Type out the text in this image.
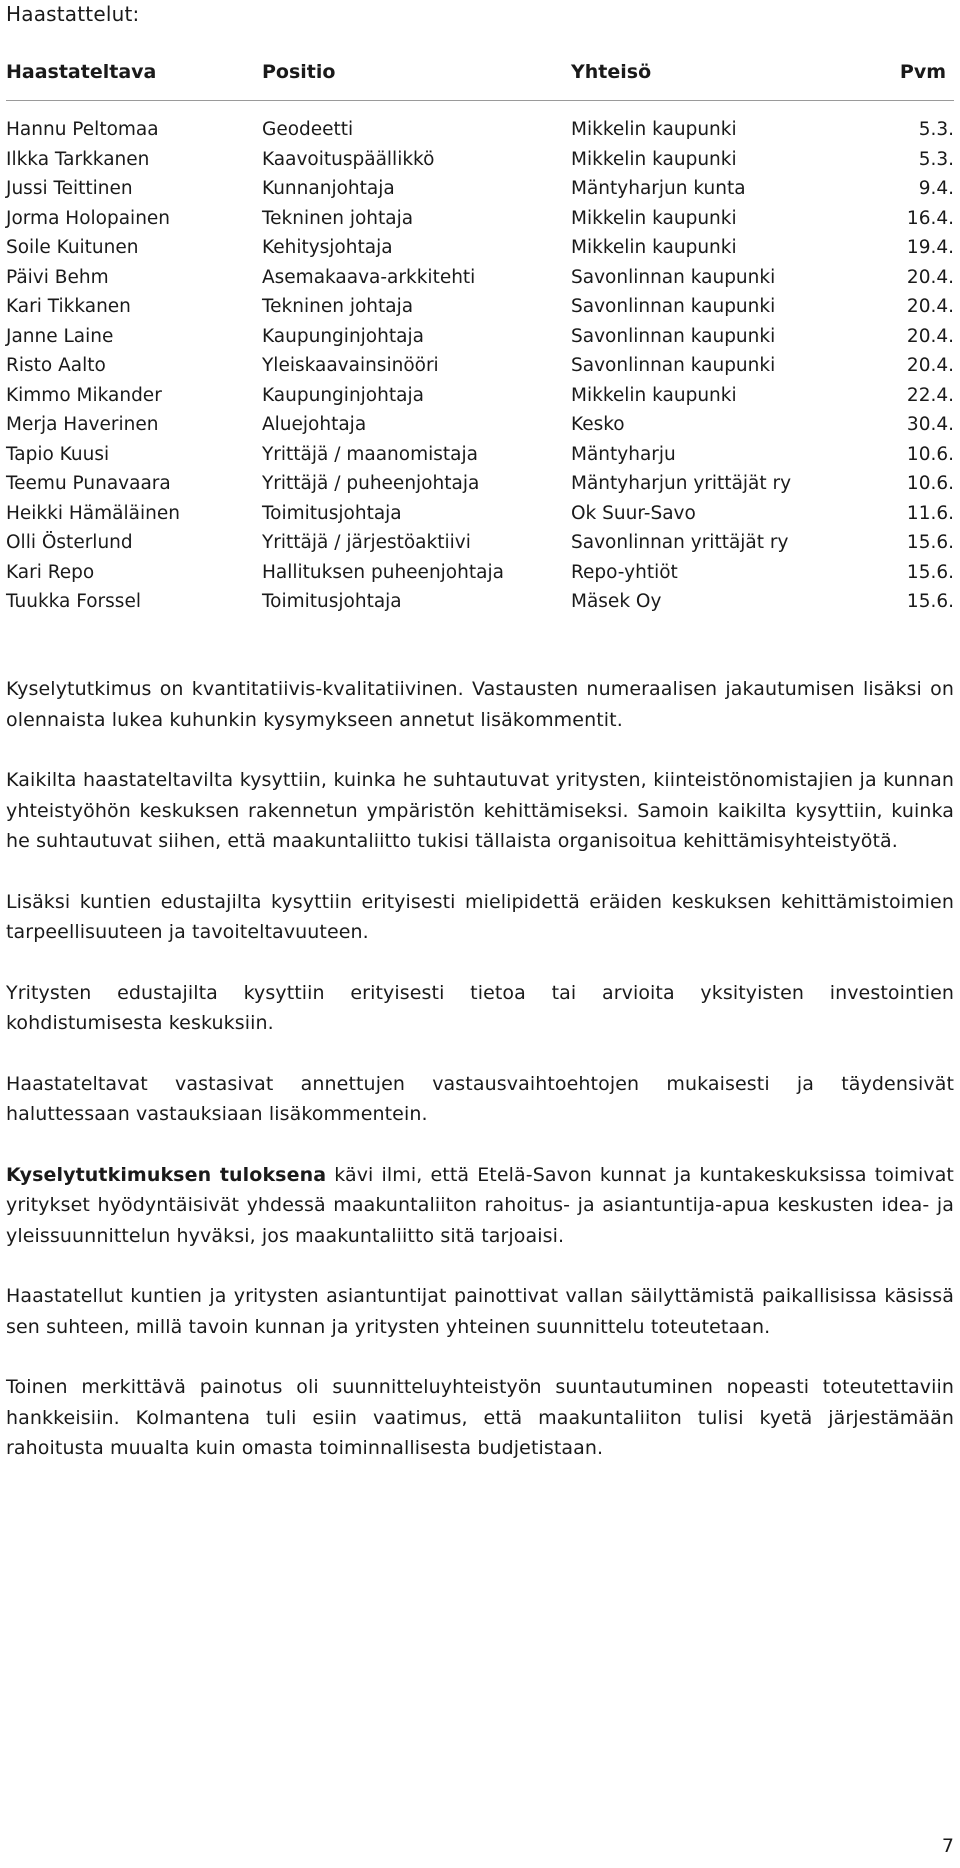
Haastattelut:
Haastateltava	Positio	Yhteisö	Pvm
Hannu Peltomaa	Geodeetti	Mikkelin kaupunki	5.3.
Ilkka Tarkkanen	Kaavoituspäällikkö	Mikkelin kaupunki	5.3.
Jussi Teittinen	Kunnanjohtaja	Mäntyharjun kunta	9.4.
Jorma Holopainen	Tekninen johtaja	Mikkelin kaupunki	16.4.
Soile Kuitunen	Kehitysjohtaja	Mikkelin kaupunki	19.4.
Päivi Behm	Asemakaava-arkkitehti	Savonlinnan kaupunki	20.4.
Kari Tikkanen	Tekninen johtaja	Savonlinnan kaupunki	20.4.
Janne Laine	Kaupunginjohtaja	Savonlinnan kaupunki	20.4.
Risto Aalto	Yleiskaavainsinööri	Savonlinnan kaupunki	20.4.
Kimmo Mikander	Kaupunginjohtaja	Mikkelin kaupunki	22.4.
Merja Haverinen	Aluejohtaja	Kesko	30.4.
Tapio Kuusi	Yrittäjä / maanomistaja	Mäntyharju	10.6.
Teemu Punavaara	Yrittäjä / puheenjohtaja	Mäntyharjun yrittäjät ry	10.6.
Heikki Hämäläinen	Toimitusjohtaja	Ok Suur-Savo	11.6.
Olli Österlund	Yrittäjä / järjestöaktiivi	Savonlinnan yrittäjät ry	15.6.
Kari Repo	Hallituksen puheenjohtaja	Repo-yhtiöt	15.6.
Tuukka Forssel	Toimitusjohtaja	Mäsek Oy	15.6.

Kyselytutkimus on kvantitatiivis-kvalitatiivinen. Vastausten numeraalisen jakautumisen lisäksi on olennaista lukea kuhunkin kysymykseen annetut lisäkommentit.

Kaikilta haastateltavilta kysyttiin, kuinka he suhtautuvat yritysten, kiinteistönomistajien ja kunnan yhteistyöhön keskuksen rakennetun ympäristön kehittämiseksi. Samoin kaikilta kysyttiin, kuinka he suhtautuvat siihen, että maakuntaliitto tukisi tällaista organisoitua kehittämisyhteistyötä.

Lisäksi kuntien edustajilta kysyttiin erityisesti mielipidettä eräiden keskuksen kehittämistoimien tarpeellisuuteen ja tavoiteltavuuteen.

Yritysten edustajilta kysyttiin erityisesti tietoa tai arvioita yksityisten investointien kohdistumisesta keskuksiin.

Haastateltavat vastasivat annettujen vastausvaihtoehtojen mukaisesti ja täydensivät haluttessaan vastauksiaan lisäkommentein.

Kyselytutkimuksen tuloksena kävi ilmi, että Etelä-Savon kunnat ja kuntakeskuksissa toimivat yritykset hyödyntäisivät yhdessä maakuntaliiton rahoitus- ja asiantuntija-apua keskusten idea- ja yleissuunnittelun hyväksi, jos maakuntaliitto sitä tarjoaisi.

Haastatellut kuntien ja yritysten asiantuntijat painottivat vallan säilyttämistä paikallisissa käsissä sen suhteen, millä tavoin kunnan ja yritysten yhteinen suunnittelu toteutetaan.

Toinen merkittävä painotus oli suunnitteluyhteistyön suuntautuminen nopeasti toteutettaviin hankkeisiin. Kolmantena tuli esiin vaatimus, että maakuntaliiton tulisi kyetä järjestämään rahoitusta muualta kuin omasta toiminnallisesta budjetistaan.

7
